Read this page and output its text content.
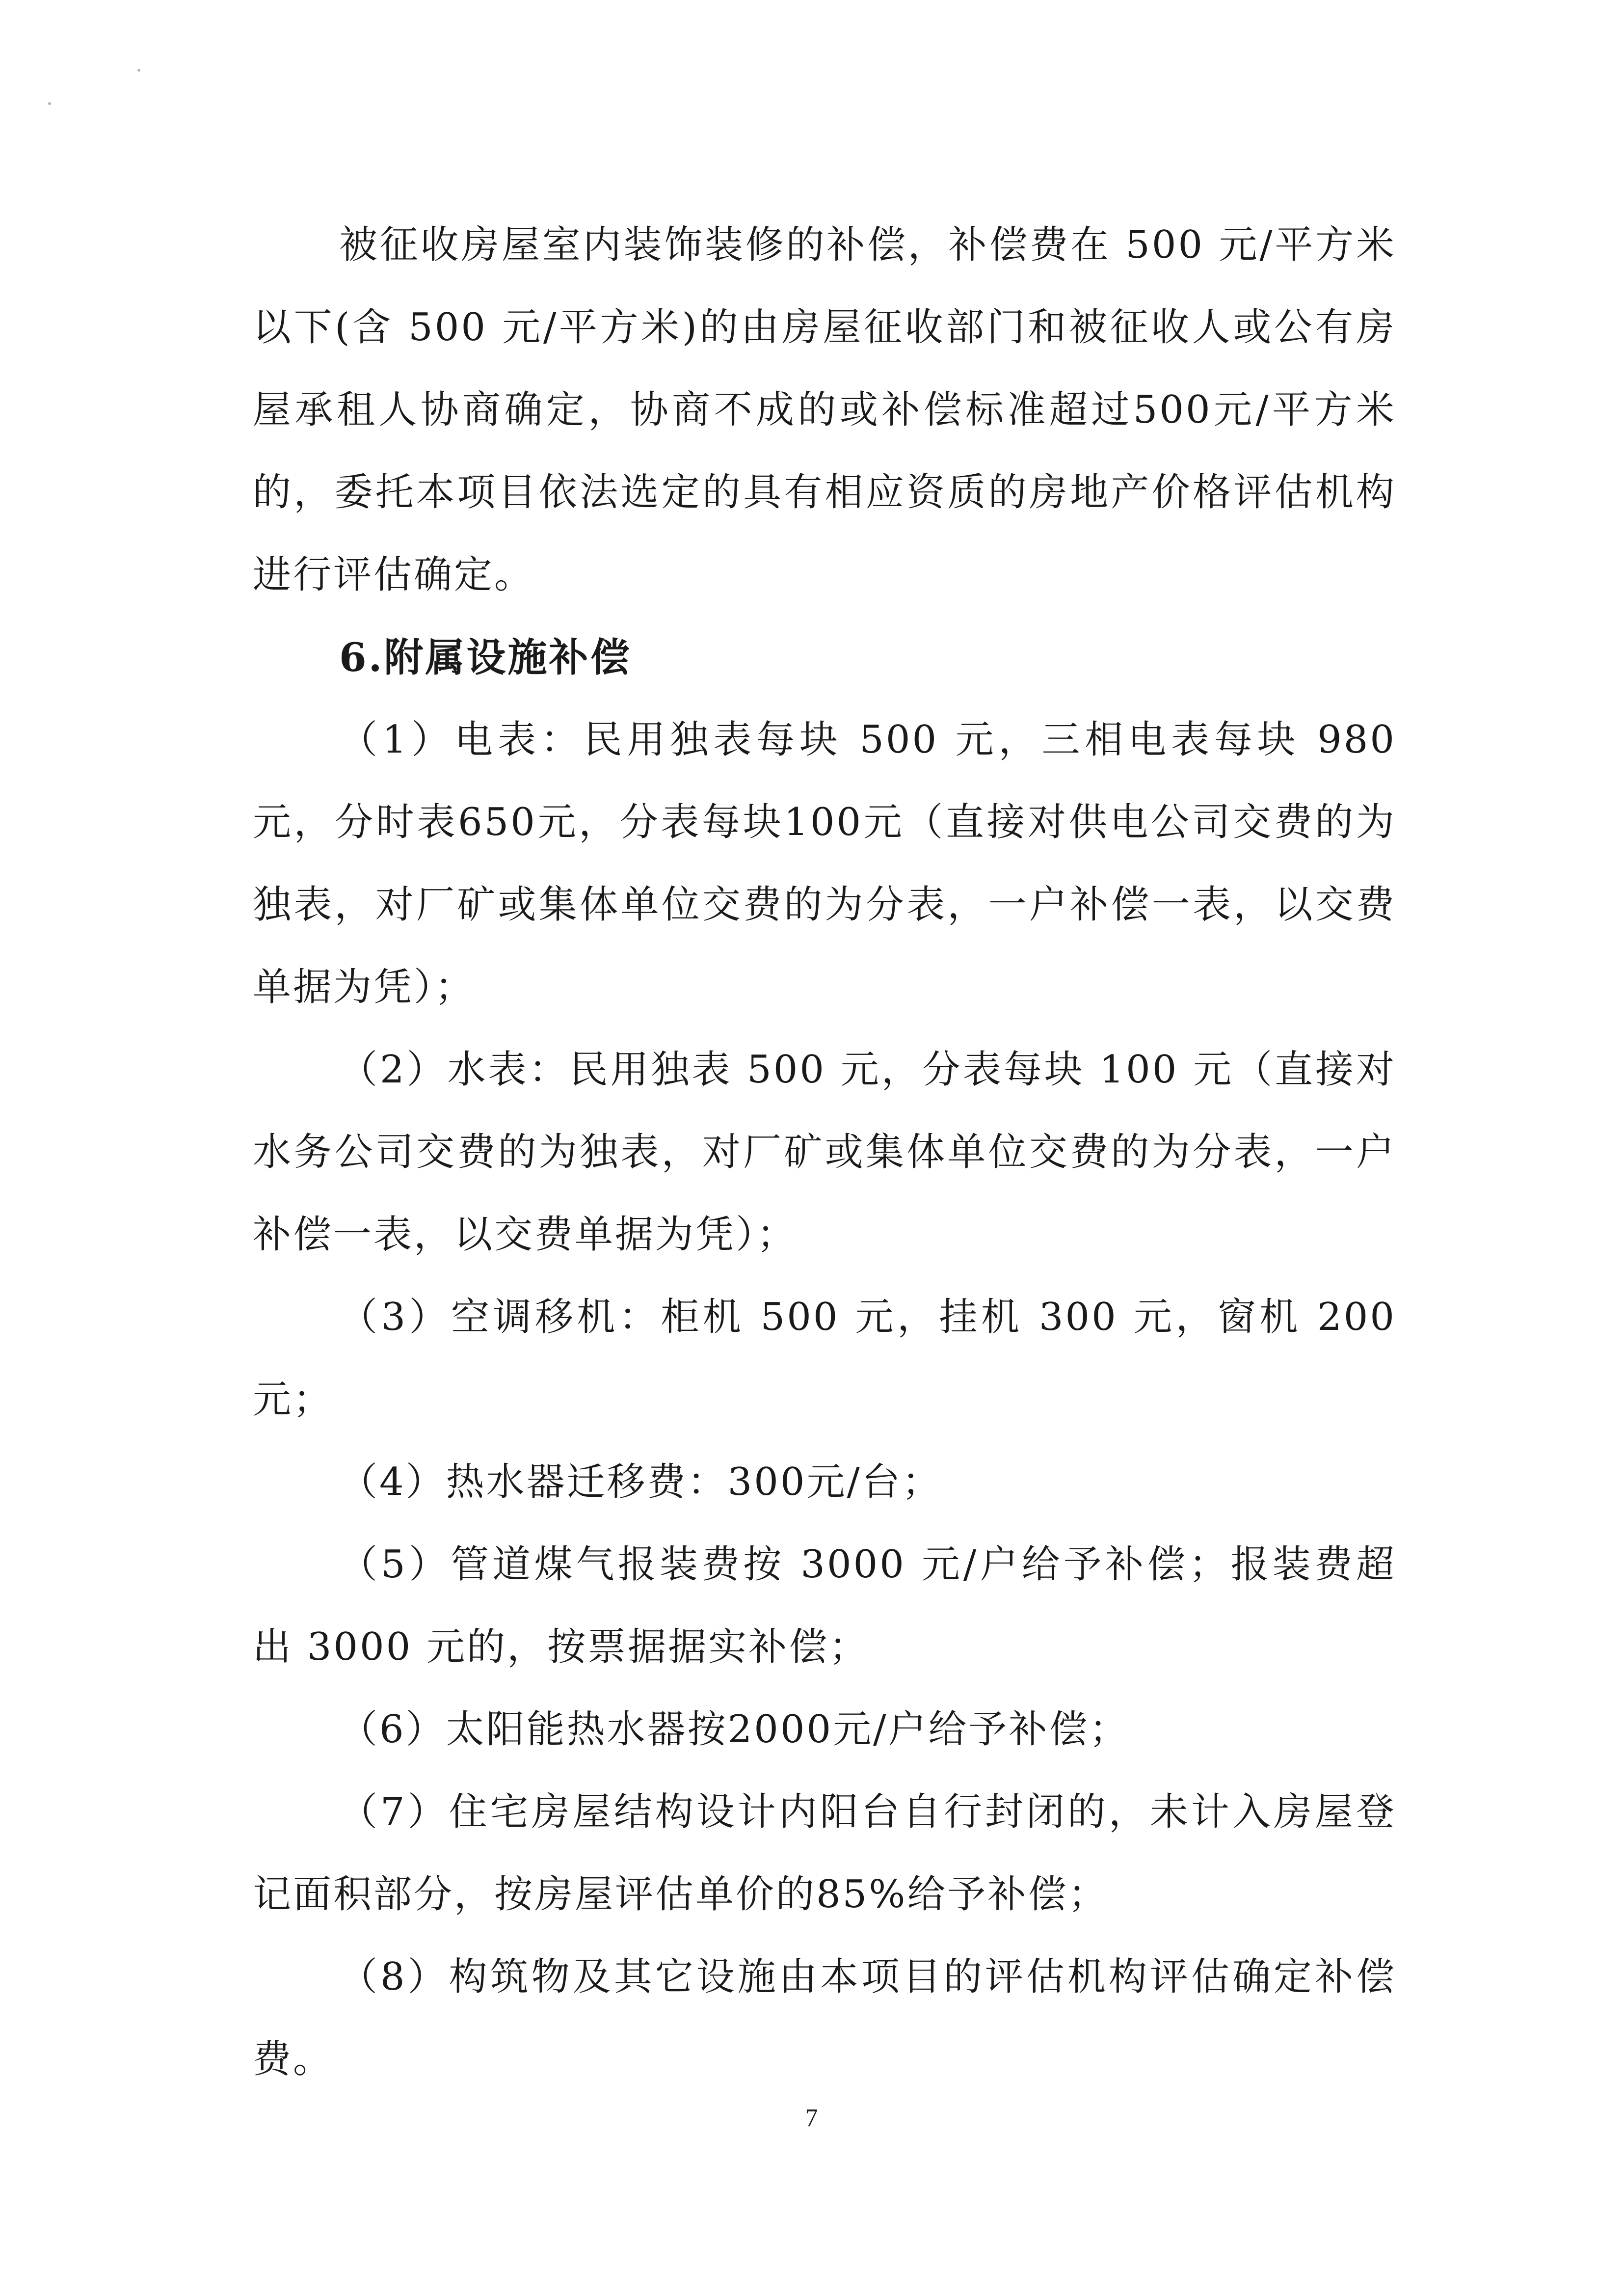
被征收房屋室内装饰装修的补偿，补偿费在 500 元/平方米以下(含 500 元/平方米)的由房屋征收部门和被征收人或公有房屋承租人协商确定，协商不成的或补偿标准超过500元/平方米的，委托本项目依法选定的具有相应资质的房地产价格评估机构进行评估确定。

6.附属设施补偿

（1）电表：民用独表每块 500 元，三相电表每块 980元，分时表650元，分表每块100元（直接对供电公司交费的为独表，对厂矿或集体单位交费的为分表，一户补偿一表，以交费单据为凭）；

（2）水表：民用独表 500 元，分表每块 100 元（直接对水务公司交费的为独表，对厂矿或集体单位交费的为分表，一户补偿一表，以交费单据为凭）；

（3）空调移机：柜机 500 元，挂机 300 元，窗机 200元；

（4）热水器迁移费：300元/台；

（5）管道煤气报装费按 3000 元/户给予补偿；报装费超出 3000 元的，按票据据实补偿；

（6）太阳能热水器按2000元/户给予补偿；

（7）住宅房屋结构设计内阳台自行封闭的，未计入房屋登记面积部分，按房屋评估单价的85%给予补偿；

（8）构筑物及其它设施由本项目的评估机构评估确定补偿费。

7
